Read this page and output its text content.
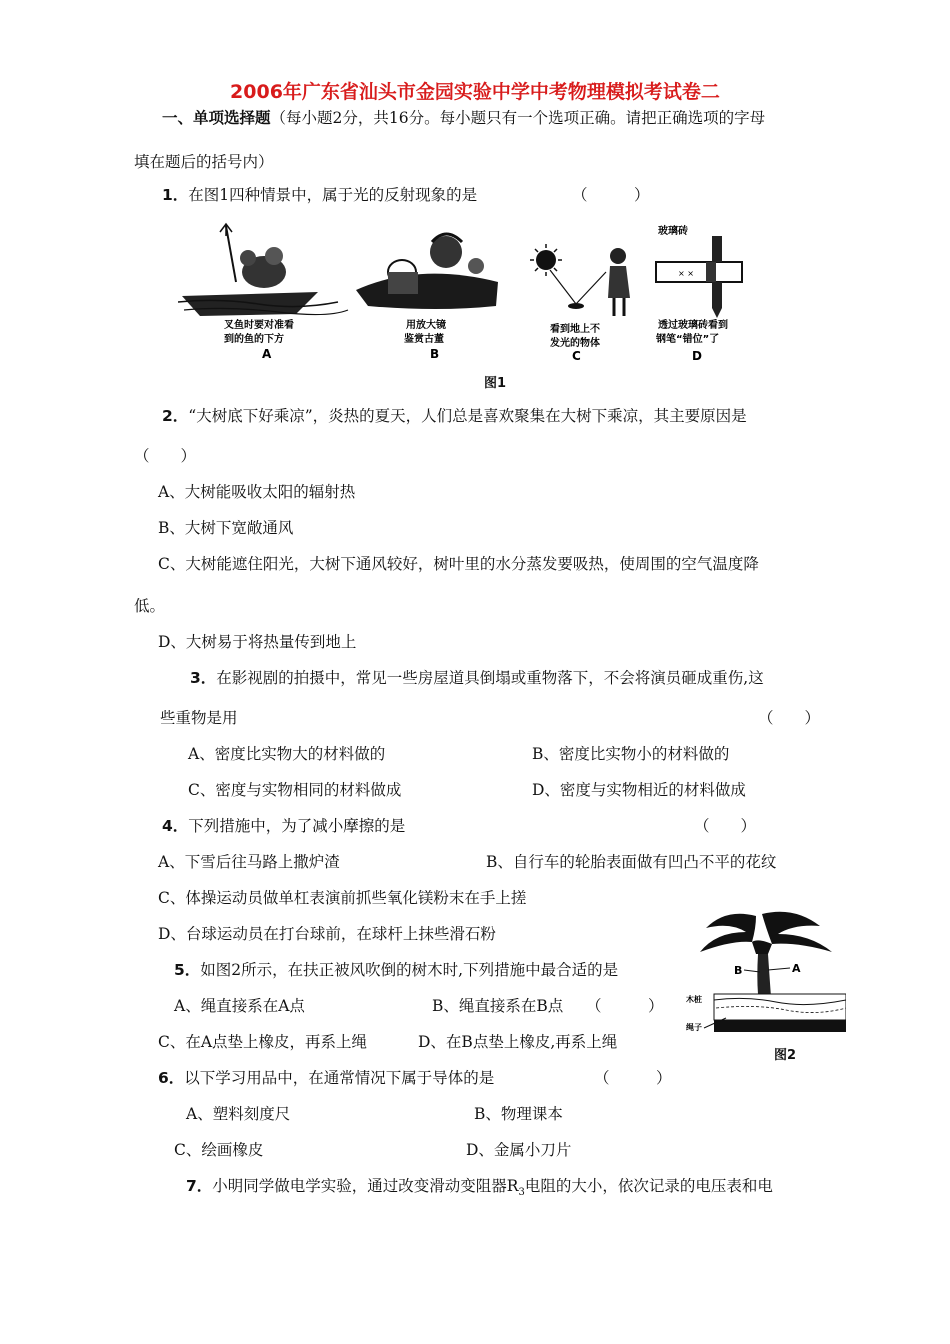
2006年广东省汕头市金园实验中学中考物理模拟考试卷二
一、单项选择题（每小题2分，共16分。每小题只有一个选项正确。请把正确选项的字母
填在题后的括号内）
1．在图1四种情景中，属于光的反射现象的是	（　　　）
叉鱼时要对准看
到的鱼的下方
A
用放大镜
鉴赏古董
B
看到地上不
发光的物体
C
玻璃砖
× ×
透过玻璃砖看到
钢笔“错位”了
D
图1
2．“大树底下好乘凉”，炎热的夏天，人们总是喜欢聚集在大树下乘凉，其主要原因是
（　　）
A、大树能吸收太阳的辐射热
B、大树下宽敞通风
C、大树能遮住阳光，大树下通风较好，树叶里的水分蒸发要吸热，使周围的空气温度降
低。
D、大树易于将热量传到地上
3．在影视剧的拍摄中，常见一些房屋道具倒塌或重物落下，不会将演员砸成重伤,这
些重物是用	（　　）
A、密度比实物大的材料做的	B、密度比实物小的材料做的
C、密度与实物相同的材料做成	D、密度与实物相近的材料做成
4．下列措施中，为了减小摩擦的是	（　　）
A、下雪后往马路上撒炉渣	B、自行车的轮胎表面做有凹凸不平的花纹
C、体操运动员做单杠表演前抓些氧化镁粉末在手上搓
D、台球运动员在打台球前，在球杆上抹些滑石粉
A
B
木桩
绳子
图2
5．如图2所示，在扶正被风吹倒的树木时,下列措施中最合适的是
A、绳直接系在A点	B、绳直接系在B点 （　　　）
C、在A点垫上橡皮，再系上绳	D、在B点垫上橡皮,再系上绳
6．以下学习用品中，在通常情况下属于导体的是	（　　　）
A、塑料刻度尺	B、物理课本
C、绘画橡皮	D、金属小刀片
7．小明同学做电学实验，通过改变滑动变阻器$R_3$电阻的大小，依次记录的电压表和电
